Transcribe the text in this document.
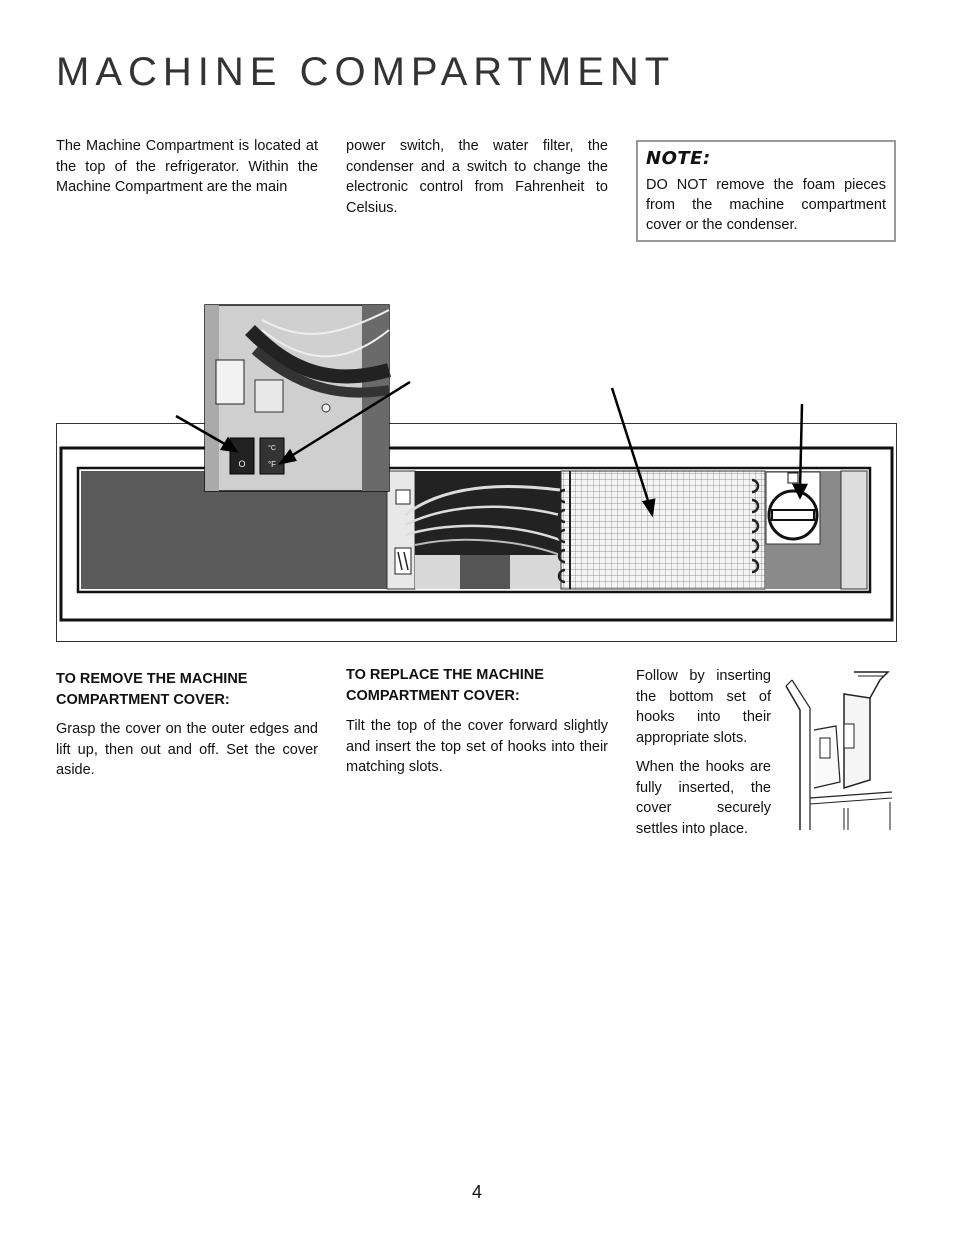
MACHINE COMPARTMENT

The Machine Compartment is located at the top of the refrigerator. Within the Machine Compartment are the main

power switch, the water filter, the condenser and a switch to change the electronic control from Fahrenheit to Celsius.

NOTE:

DO NOT remove the foam pieces from the machine compartment cover or the condenser.

O
°C
°F

TO REMOVE THE MACHINE
COMPARTMENT COVER:

Grasp the cover on the outer edges and lift up, then out and off. Set the cover aside.

TO REPLACE THE MACHINE
COMPARTMENT COVER:

Tilt the top of the cover forward slightly and insert the top set of hooks into their matching slots.

Follow by inserting the bottom set of hooks into their appropriate slots.

When the hooks are fully inserted, the cover securely settles into place.

4
